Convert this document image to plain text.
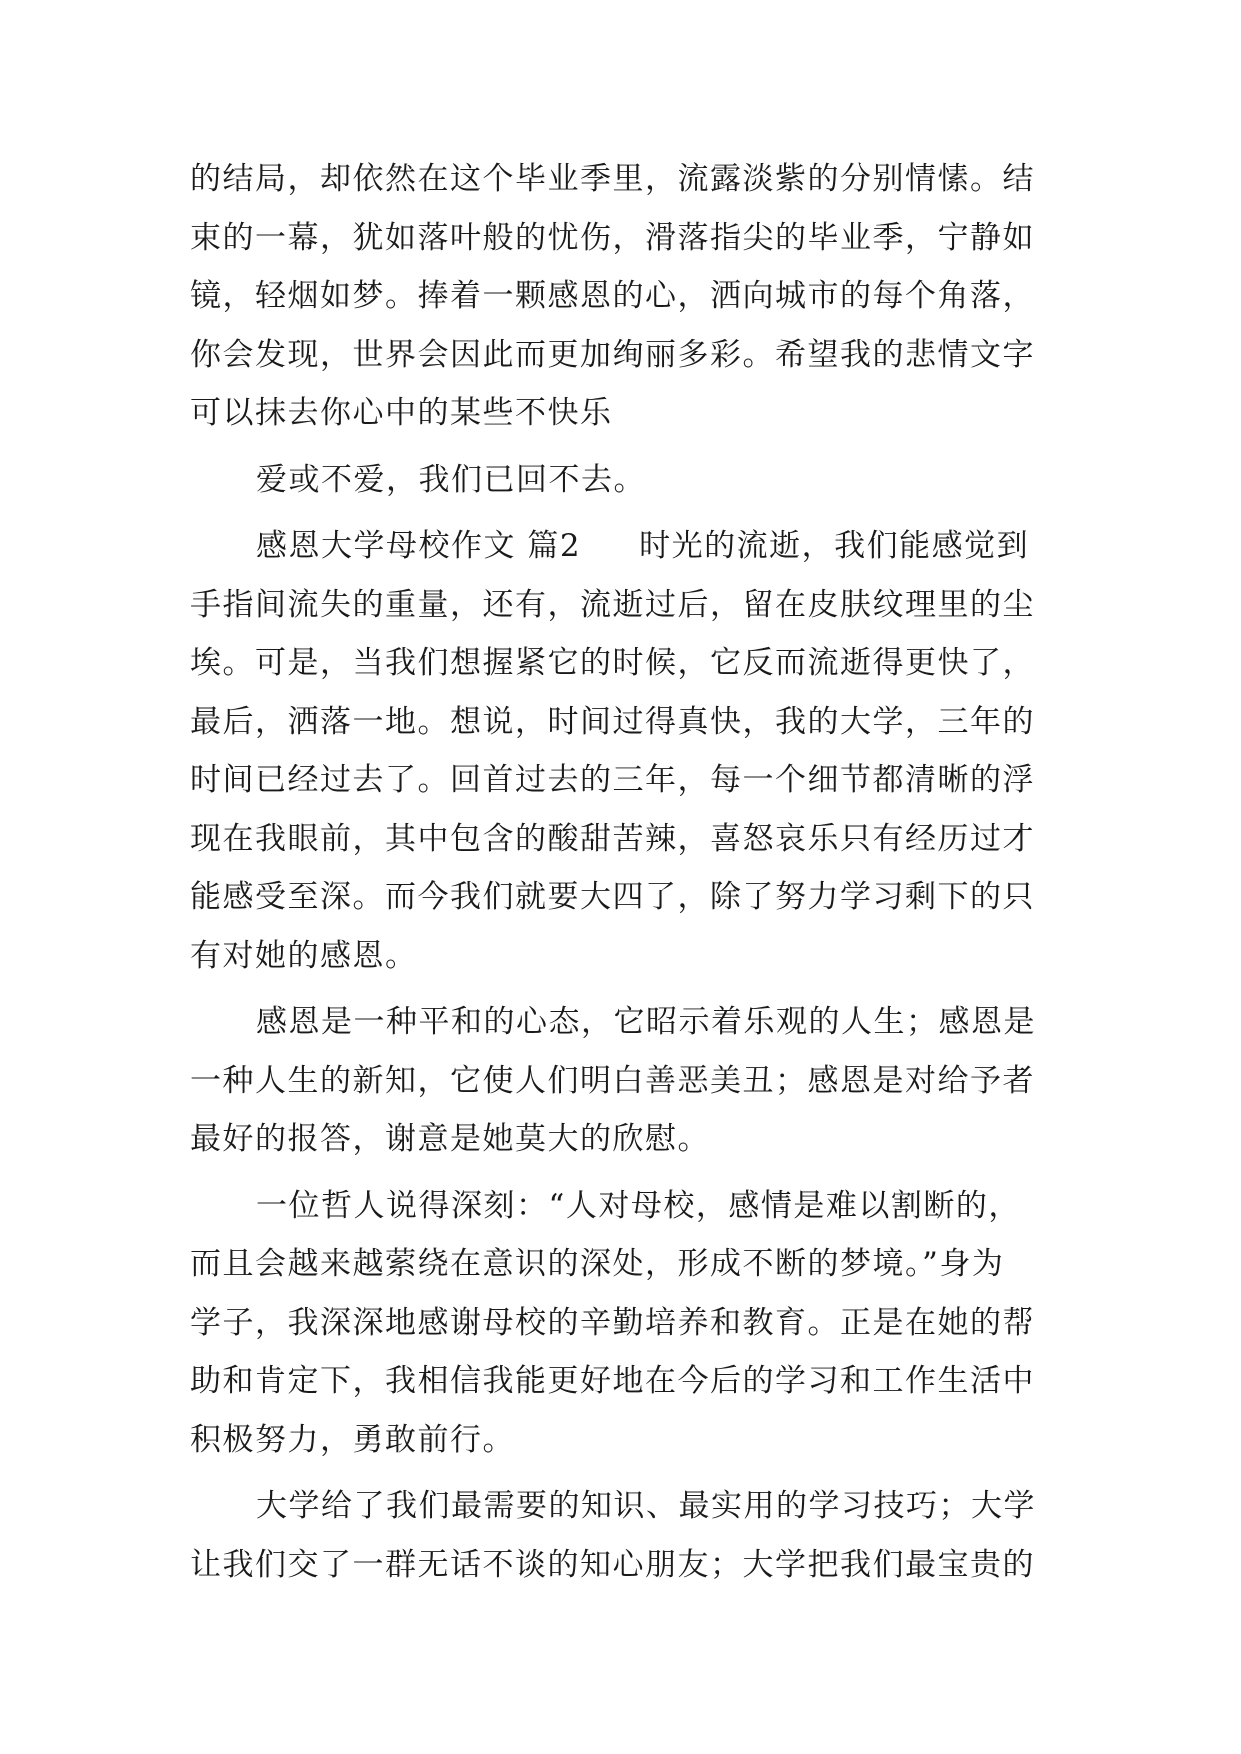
的结局，却依然在这个毕业季里，流露淡紫的分别情愫。结
束的一幕，犹如落叶般的忧伤，滑落指尖的毕业季，宁静如
镜，轻烟如梦。捧着一颗感恩的心，洒向城市的每个角落，
你会发现，世界会因此而更加绚丽多彩。希望我的悲情文字
可以抹去你心中的某些不快乐
爱或不爱，我们已回不去。
感恩大学母校作文 篇2 时光的流逝，我们能感觉到
手指间流失的重量，还有，流逝过后，留在皮肤纹理里的尘
埃。可是，当我们想握紧它的时候，它反而流逝得更快了，
最后，洒落一地。想说，时间过得真快，我的大学，三年的
时间已经过去了。回首过去的三年，每一个细节都清晰的浮
现在我眼前，其中包含的酸甜苦辣，喜怒哀乐只有经历过才
能感受至深。而今我们就要大四了，除了努力学习剩下的只
有对她的感恩。
感恩是一种平和的心态，它昭示着乐观的人生；感恩是
一种人生的新知，它使人们明白善恶美丑；感恩是对给予者
最好的报答，谢意是她莫大的欣慰。
一位哲人说得深刻：“人对母校，感情是难以割断的，
而且会越来越萦绕在意识的深处，形成不断的梦境。”身为
学子，我深深地感谢母校的辛勤培养和教育。正是在她的帮
助和肯定下，我相信我能更好地在今后的学习和工作生活中
积极努力，勇敢前行。
大学给了我们最需要的知识、最实用的学习技巧；大学
让我们交了一群无话不谈的知心朋友；大学把我们最宝贵的
